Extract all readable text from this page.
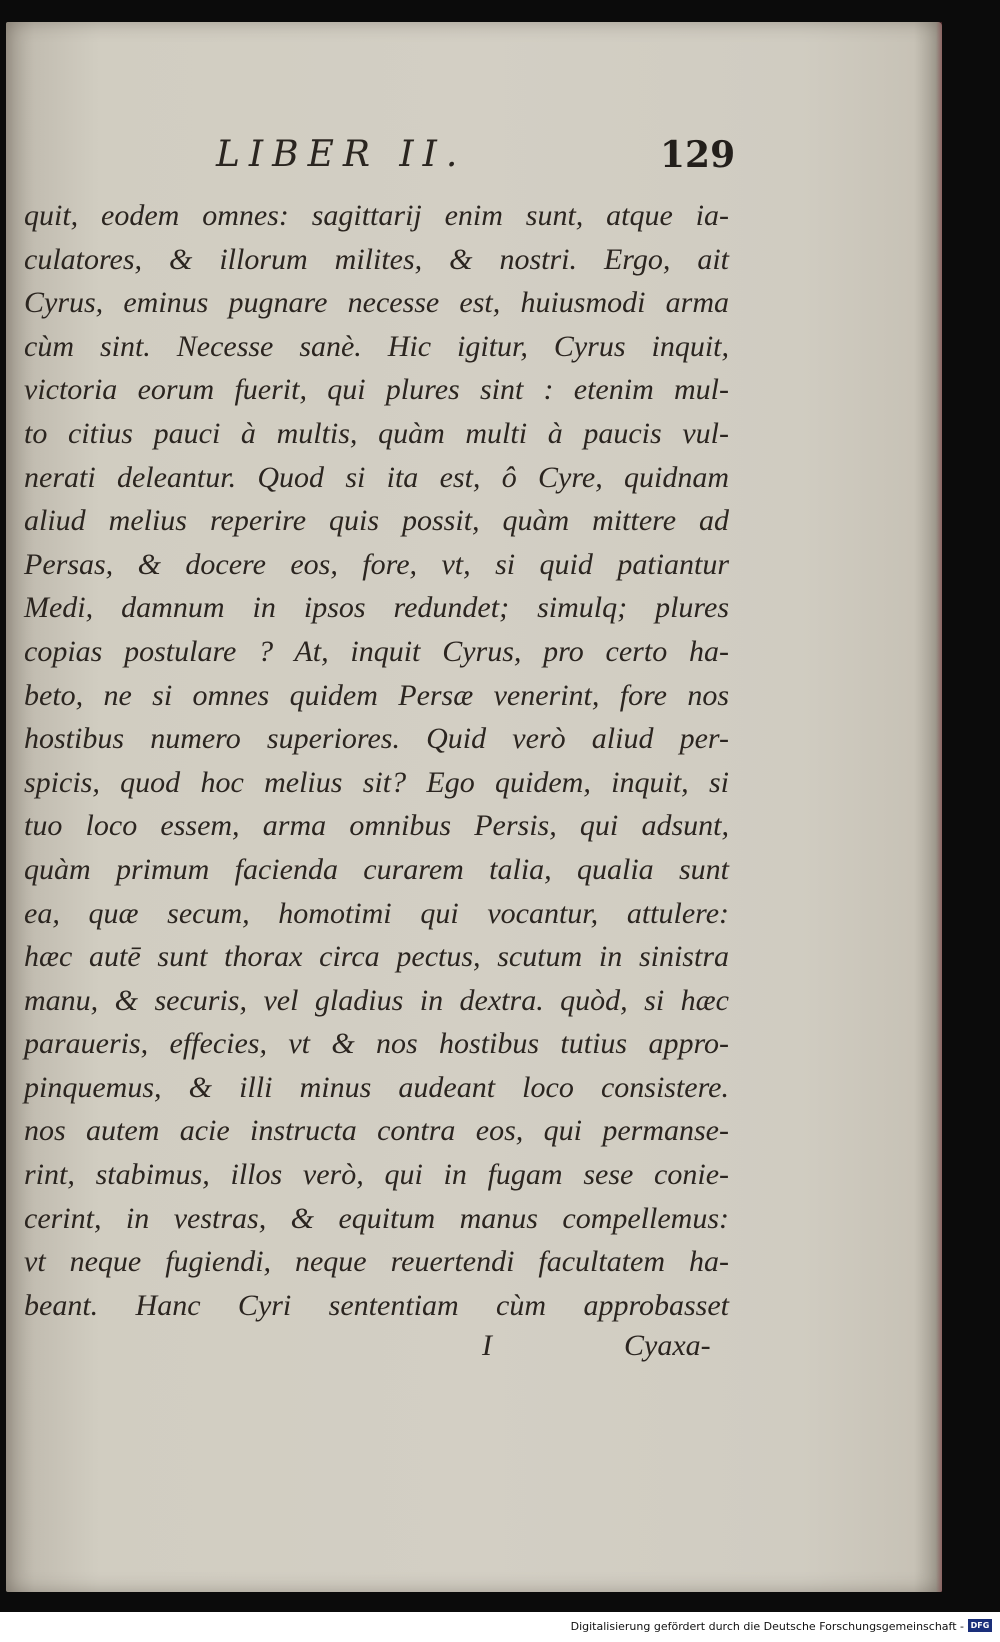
LIBER II.	129
quit, eodem omnes: sagittarij enim sunt, atque ia-
culatores, & illorum milites, & nostri. Ergo, ait
Cyrus, eminus pugnare necesse est, huiusmodi arma
cùm sint. Necesse sanè. Hic igitur, Cyrus inquit,
victoria eorum fuerit, qui plures sint : etenim mul-
to citius pauci à multis, quàm multi à paucis vul-
nerati deleantur. Quod si ita est, ô Cyre, quidnam
aliud melius reperire quis possit, quàm mittere ad
Persas, & docere eos, fore, vt, si quid patiantur
Medi, damnum in ipsos redundet; simulq; plures
copias postulare ? At, inquit Cyrus, pro certo ha-
beto, ne si omnes quidem Persæ venerint, fore nos
hostibus numero superiores. Quid verò aliud per-
spicis, quod hoc melius sit? Ego quidem, inquit, si
tuo loco essem, arma omnibus Persis, qui adsunt,
quàm primum facienda curarem talia, qualia sunt
ea, quæ secum, homotimi qui vocantur, attulere:
hæc autē sunt thorax circa pectus, scutum in sinistra
manu, & securis, vel gladius in dextra. quòd, si hæc
paraueris, effecies, vt & nos hostibus tutius appro-
pinquemus, & illi minus audeant loco consistere.
nos autem acie instructa contra eos, qui permanse-
rint, stabimus, illos verò, qui in fugam sese conie-
cerint, in vestras, & equitum manus compellemus:
vt neque fugiendi, neque reuertendi facultatem ha-
beant. Hanc Cyri sententiam cùm approbasset
I	Cyaxa-
Digitalisierung gefördert durch die Deutsche Forschungsgemeinschaft - DFG
